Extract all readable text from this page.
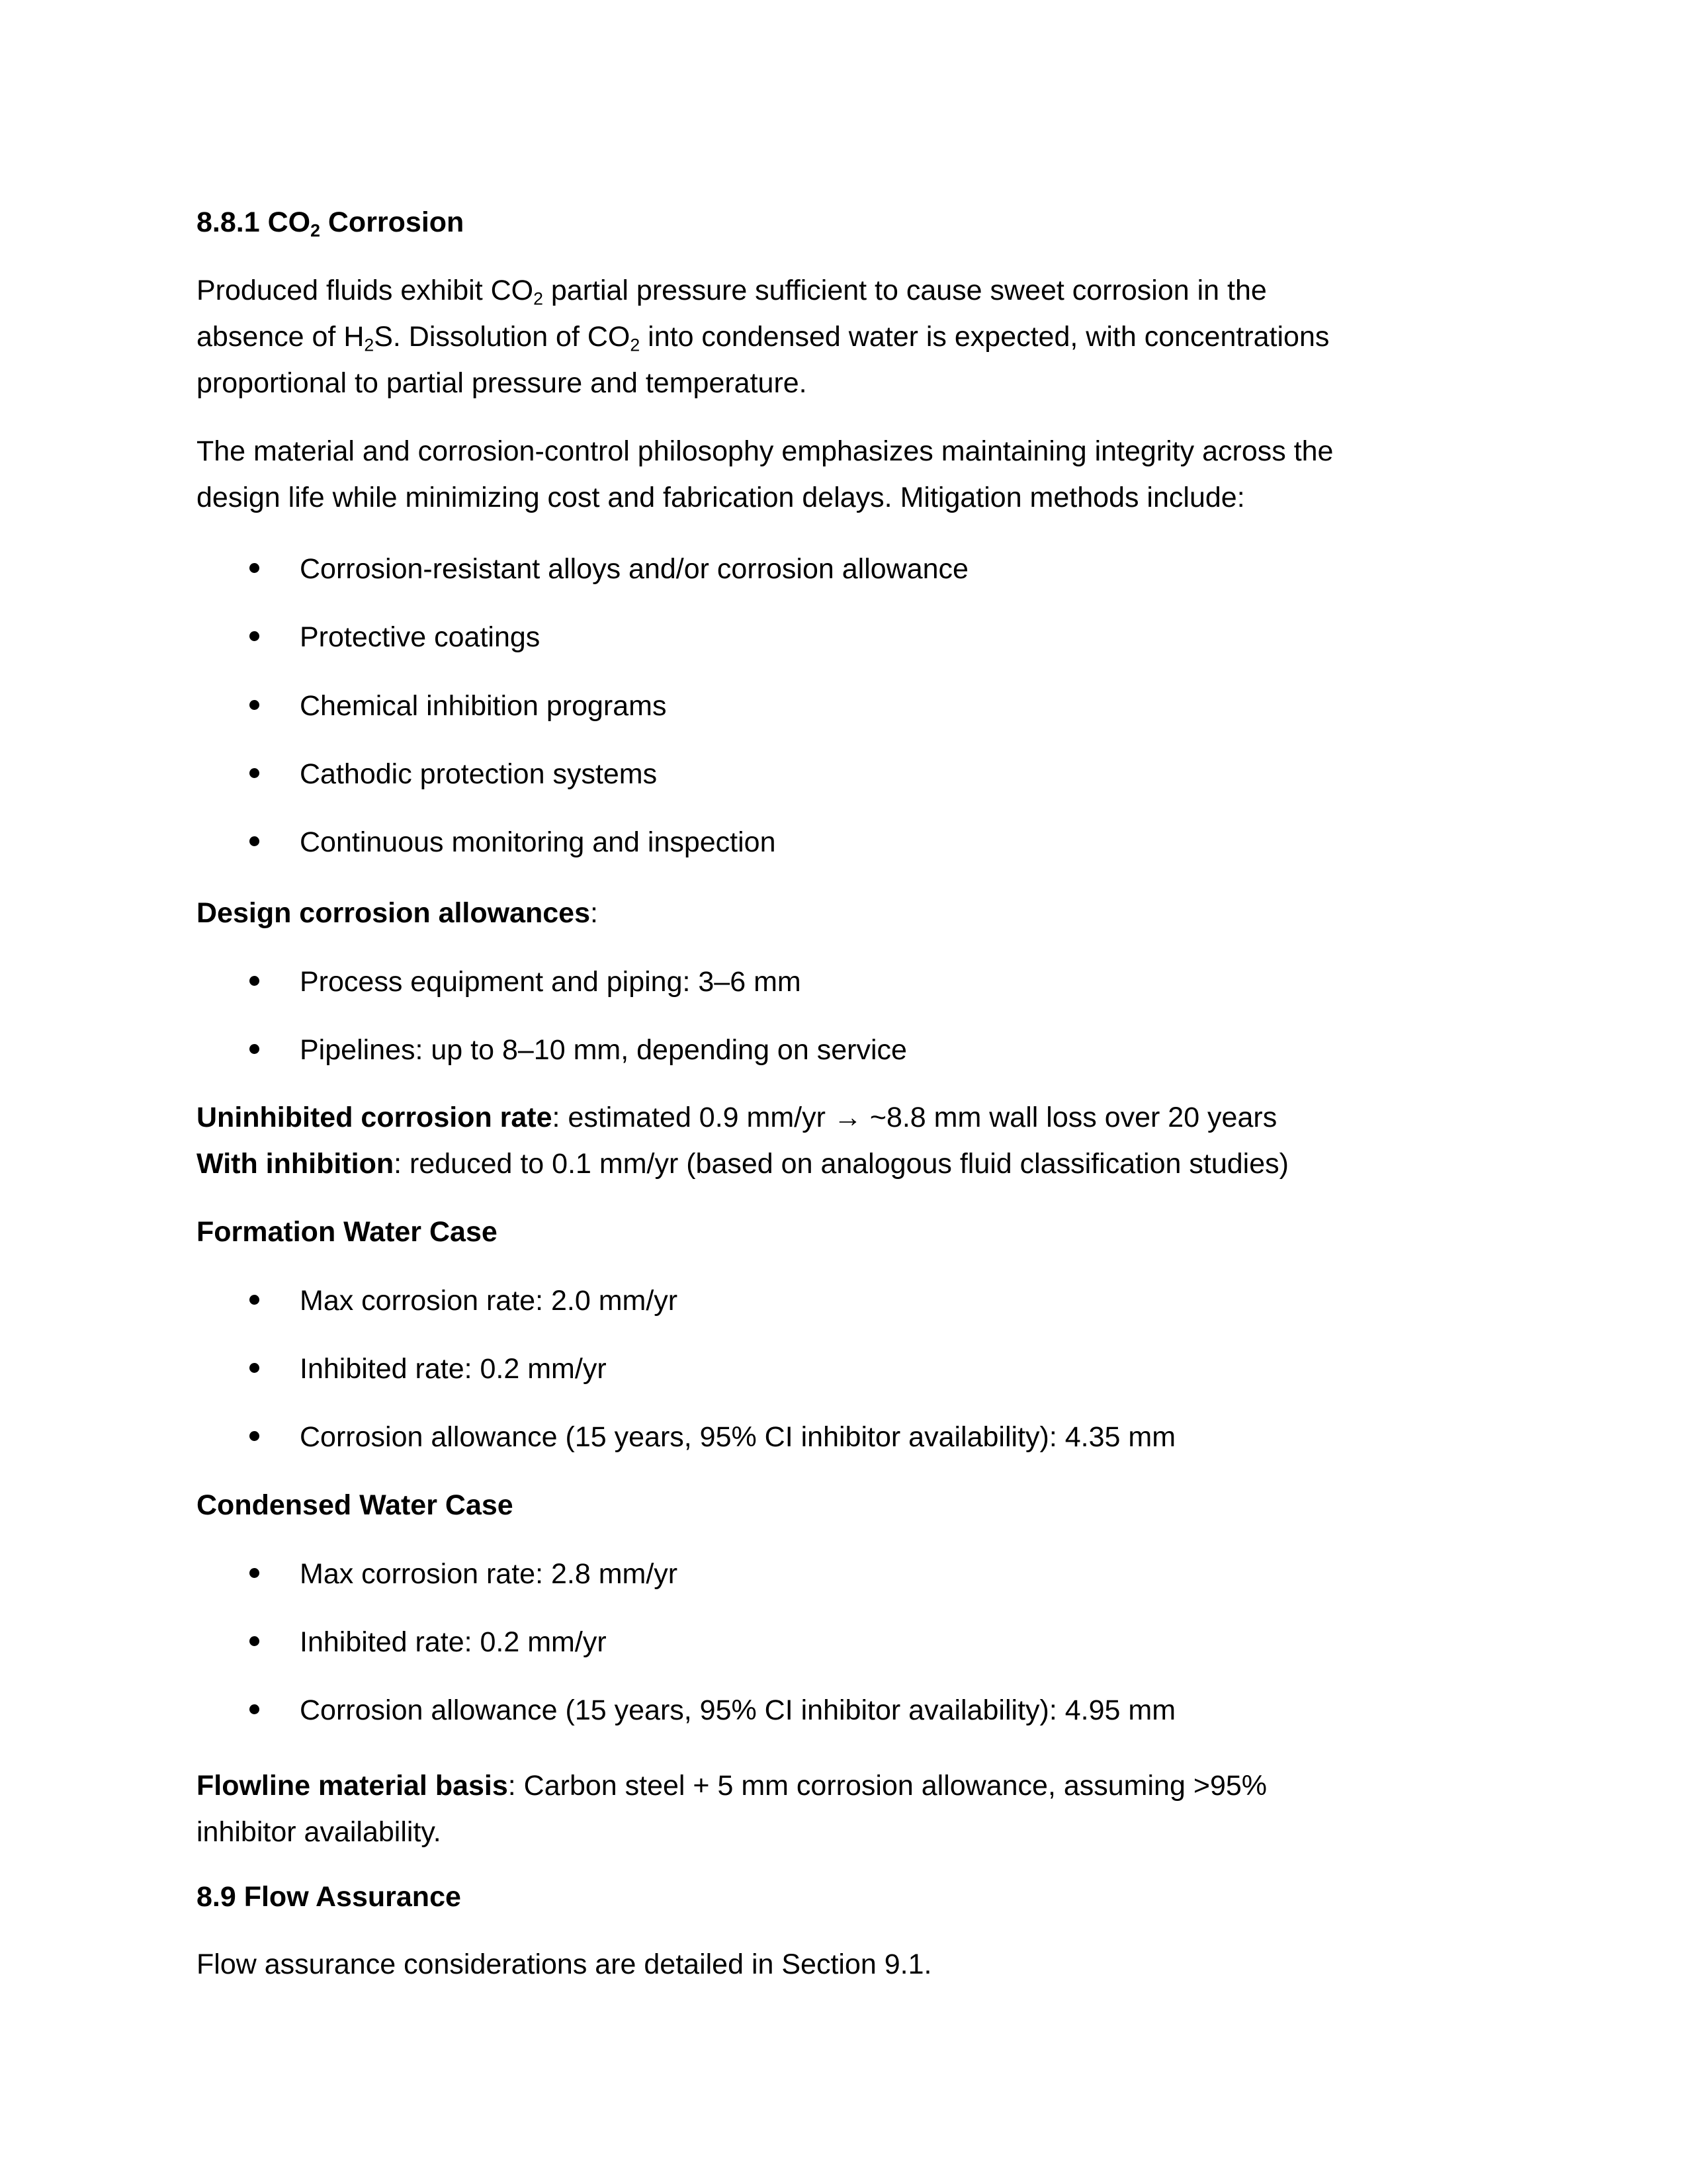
8.8.1 $CO_2$ Corrosion
Produced fluids exhibit $CO_2$ partial pressure sufficient to cause sweet corrosion in the
absence of $H_2S$. Dissolution of $CO_2$ into condensed water is expected, with concentrations
proportional to partial pressure and temperature.
The material and corrosion-control philosophy emphasizes maintaining integrity across the
design life while minimizing cost and fabrication delays. Mitigation methods include:
Corrosion-resistant alloys and/or corrosion allowance
Protective coatings
Chemical inhibition programs
Cathodic protection systems
Continuous monitoring and inspection
Design corrosion allowances:
Process equipment and piping: 3–6 mm
Pipelines: up to 8–10 mm, depending on service
Uninhibited corrosion rate: estimated 0.9 mm/yr → ~8.8 mm wall loss over 20 years
With inhibition: reduced to 0.1 mm/yr (based on analogous fluid classification studies)
Formation Water Case
Max corrosion rate: 2.0 mm/yr
Inhibited rate: 0.2 mm/yr
Corrosion allowance (15 years, 95% CI inhibitor availability): 4.35 mm
Condensed Water Case
Max corrosion rate: 2.8 mm/yr
Inhibited rate: 0.2 mm/yr
Corrosion allowance (15 years, 95% CI inhibitor availability): 4.95 mm
Flowline material basis: Carbon steel + 5 mm corrosion allowance, assuming >95%
inhibitor availability.
8.9 Flow Assurance
Flow assurance considerations are detailed in Section 9.1.
